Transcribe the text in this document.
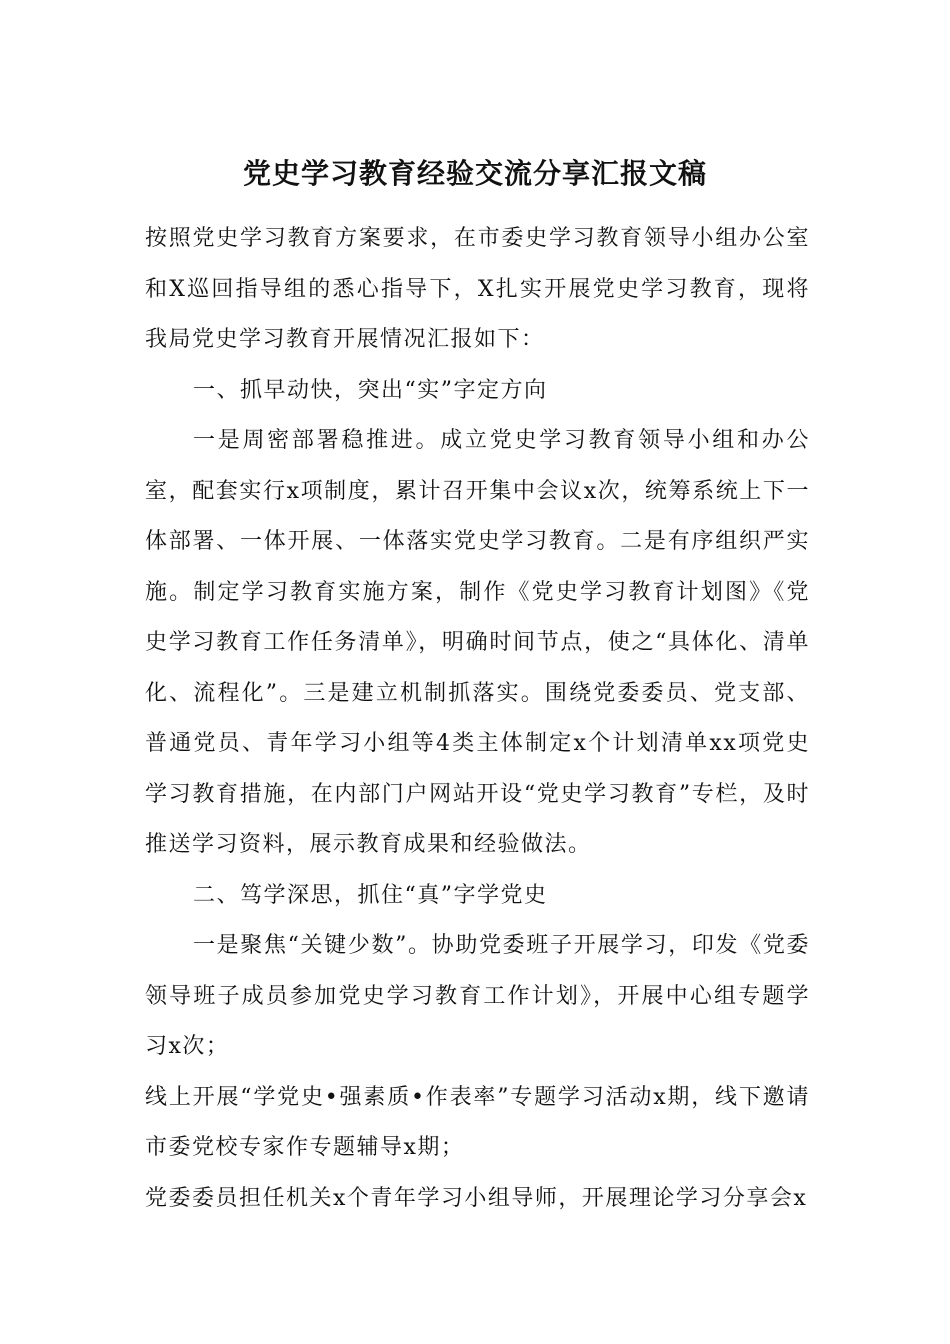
党史学习教育经验交流分享汇报文稿

按照党史学习教育方案要求，在市委史学习教育领导小组办公室和X巡回指导组的悉心指导下，X扎实开展党史学习教育，现将我局党史学习教育开展情况汇报如下：

一、抓早动快，突出“实”字定方向

一是周密部署稳推进。成立党史学习教育领导小组和办公室，配套实行x项制度，累计召开集中会议x次，统筹系统上下一体部署、一体开展、一体落实党史学习教育。二是有序组织严实施。制定学习教育实施方案，制作《党史学习教育计划图》《党史学习教育工作任务清单》，明确时间节点，使之“具体化、清单化、流程化”。三是建立机制抓落实。围绕党委委员、党支部、普通党员、青年学习小组等4类主体制定x个计划清单xx项党史学习教育措施，在内部门户网站开设“党史学习教育”专栏，及时推送学习资料，展示教育成果和经验做法。

二、笃学深思，抓住“真”字学党史

一是聚焦“关键少数”。协助党委班子开展学习，印发《党委领导班子成员参加党史学习教育工作计划》，开展中心组专题学习x次；

线上开展“学党史•强素质•作表率”专题学习活动x期，线下邀请市委党校专家作专题辅导x期；

党委委员担任机关x个青年学习小组导师，开展理论学习分享会x
